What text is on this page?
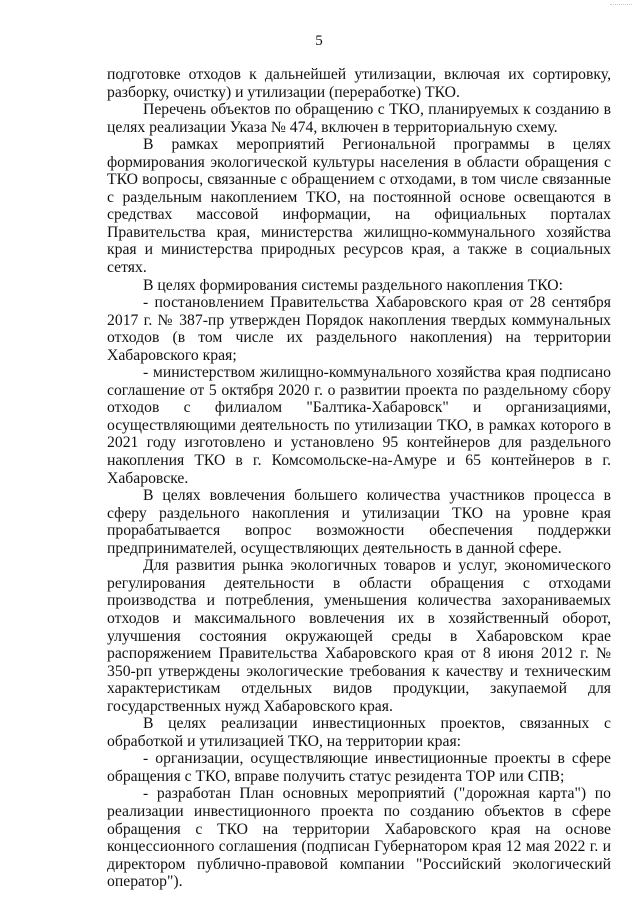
5

подготовке отходов к дальнейшей утилизации, включая их сортировку, разборку, очистку) и утилизации (переработке) ТКО.

Перечень объектов по обращению с ТКО, планируемых к созданию в целях реализации Указа № 474, включен в территориальную схему.

В рамках мероприятий Региональной программы в целях формирования экологической культуры населения в области обращения с ТКО вопросы, связанные с обращением с отходами, в том числе связанные с раздельным накоплением ТКО, на постоянной основе освещаются в средствах массовой информации, на официальных порталах Правительства края, министерства жилищно-коммунального хозяйства края и министерства природных ресурсов края, а также в социальных сетях.

В целях формирования системы раздельного накопления ТКО:

- постановлением Правительства Хабаровского края от 28 сентября 2017 г. № 387-пр утвержден Порядок накопления твердых коммунальных отходов (в том числе их раздельного накопления) на территории Хабаровского края;

- министерством жилищно-коммунального хозяйства края подписано соглашение от 5 октября 2020 г. о развитии проекта по раздельному сбору отходов с филиалом "Балтика-Хабаровск" и организациями, осуществляющими деятельность по утилизации ТКО, в рамках которого в 2021 году изготовлено и установлено 95 контейнеров для раздельного накопления ТКО в г. Комсомольске-на-Амуре и 65 контейнеров в г. Хабаровске.

В целях вовлечения большего количества участников процесса в сферу раздельного накопления и утилизации ТКО на уровне края прорабатывается вопрос возможности обеспечения поддержки предпринимателей, осуществляющих деятельность в данной сфере.

Для развития рынка экологичных товаров и услуг, экономического регулирования деятельности в области обращения с отходами производства и потребления, уменьшения количества захораниваемых отходов и максимального вовлечения их в хозяйственный оборот, улучшения состояния окружающей среды в Хабаровском крае распоряжением Правительства Хабаровского края от 8 июня 2012 г. № 350-рп утверждены экологические требования к качеству и техническим характеристикам отдельных видов продукции, закупаемой для государственных нужд Хабаровского края.

В целях реализации инвестиционных проектов, связанных с обработкой и утилизацией ТКО, на территории края:

- организации, осуществляющие инвестиционные проекты в сфере обращения с ТКО, вправе получить статус резидента ТОР или СПВ;

- разработан План основных мероприятий ("дорожная карта") по реализации инвестиционного проекта по созданию объектов в сфере обращения с ТКО на территории Хабаровского края на основе концессионного соглашения (подписан Губернатором края 12 мая 2022 г. и директором публично-правовой компании "Российский экологический оператор").
